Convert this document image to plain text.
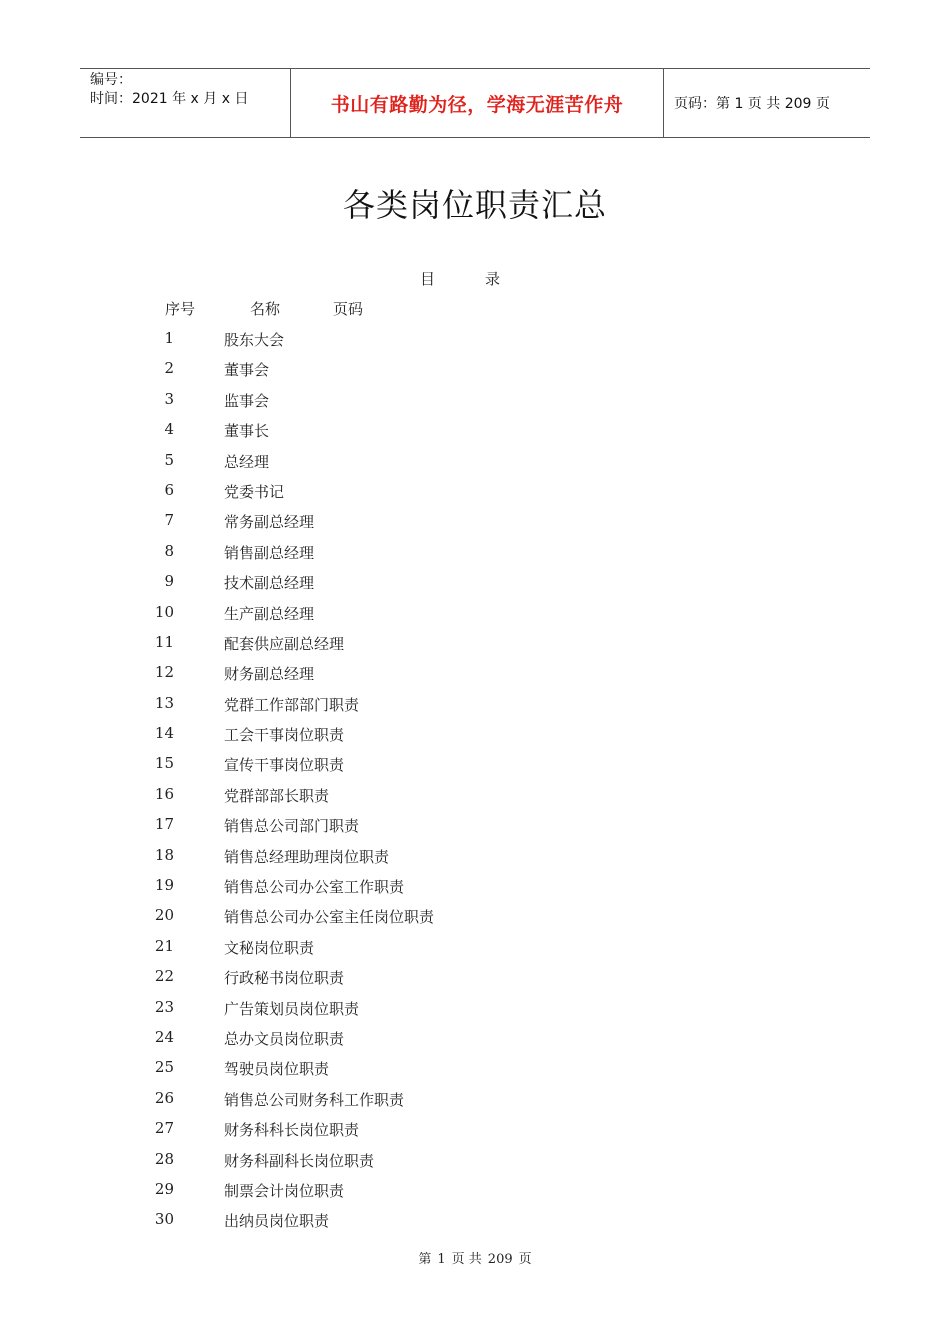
编号：
时间：2021 年 x 月 x 日	书山有路勤为径，学海无涯苦作舟	页码：第 1 页 共 209 页
各类岗位职责汇总
目	录
序号	名称	页码
1	股东大会
2	董事会
3	监事会
4	董事长
5	总经理
6	党委书记
7	常务副总经理
8	销售副总经理
9	技术副总经理
10	生产副总经理
11	配套供应副总经理
12	财务副总经理
13	党群工作部部门职责
14	工会干事岗位职责
15	宣传干事岗位职责
16	党群部部长职责
17	销售总公司部门职责
18	销售总经理助理岗位职责
19	销售总公司办公室工作职责
20	销售总公司办公室主任岗位职责
21	文秘岗位职责
22	行政秘书岗位职责
23	广告策划员岗位职责
24	总办文员岗位职责
25	驾驶员岗位职责
26	销售总公司财务科工作职责
27	财务科科长岗位职责
28	财务科副科长岗位职责
29	制票会计岗位职责
30	出纳员岗位职责
第 1 页 共 209 页
